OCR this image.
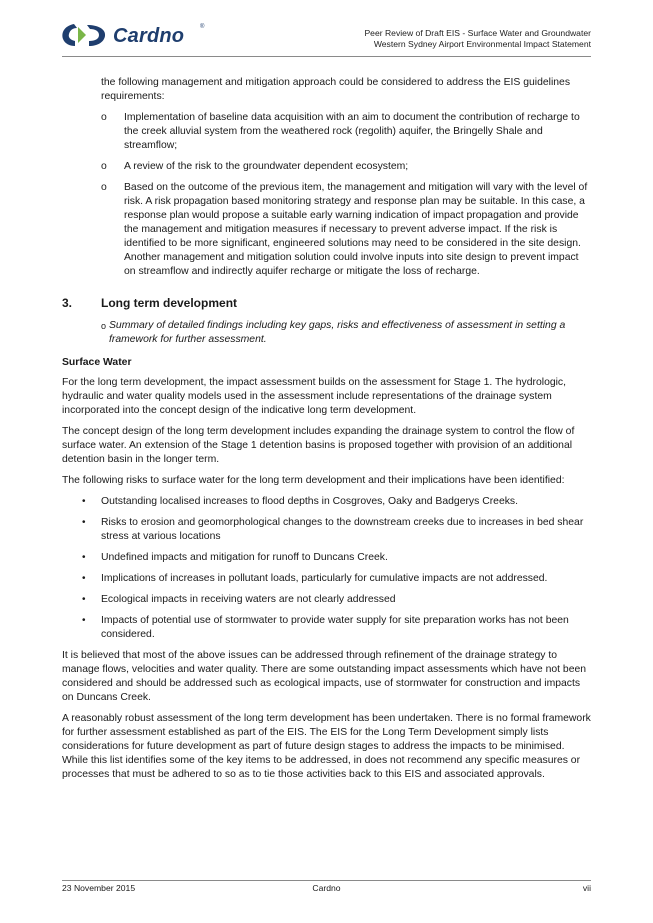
Cardno	®
Peer Review of Draft EIS - Surface Water and Groundwater
Western Sydney Airport Environmental Impact Statement

the following management and mitigation approach could be considered to address the EIS guidelines requirements:

o Implementation of baseline data acquisition with an aim to document the contribution of recharge to the creek alluvial system from the weathered rock (regolith) aquifer, the Bringelly Shale and streamflow;
o A review of the risk to the groundwater dependent ecosystem;
o Based on the outcome of the previous item, the management and mitigation will vary with the level of risk. A risk propagation based monitoring strategy and response plan may be suitable. In this case, a response plan would propose a suitable early warning indication of impact propagation and provide the management and mitigation measures if necessary to prevent adverse impact. If the risk is identified to be more significant, engineered solutions may need to be considered in the site design. Another management and mitigation solution could involve inputs into site design to prevent impact on streamflow and indirectly aquifer recharge or mitigate the loss of recharge.
3. Long term development
o Summary of detailed findings including key gaps, risks and effectiveness of assessment in setting a framework for further assessment.
Surface Water

For the long term development, the impact assessment builds on the assessment for Stage 1. The hydrologic, hydraulic and water quality models used in the assessment include representations of the drainage system incorporated into the concept design of the indicative long term development.

The concept design of the long term development includes expanding the drainage system to control the flow of surface water. An extension of the Stage 1 detention basins is proposed together with provision of an additional detention basin in the longer term.

The following risks to surface water for the long term development and their implications have been identified:

• Outstanding localised increases to flood depths in Cosgroves, Oaky and Badgerys Creeks.
• Risks to erosion and geomorphological changes to the downstream creeks due to increases in bed shear stress at various locations
• Undefined impacts and mitigation for runoff to Duncans Creek.
• Implications of increases in pollutant loads, particularly for cumulative impacts are not addressed.
• Ecological impacts in receiving waters are not clearly addressed
• Impacts of potential use of stormwater to provide water supply for site preparation works has not been considered.

It is believed that most of the above issues can be addressed through refinement of the drainage strategy to manage flows, velocities and water quality. There are some outstanding impact assessments which have not been considered and should be addressed such as ecological impacts, use of stormwater for construction and impacts on Duncans Creek.

A reasonably robust assessment of the long term development has been undertaken. There is no formal framework for further assessment established as part of the EIS. The EIS for the Long Term Development simply lists considerations for future development as part of future design stages to address the impacts to be minimised. While this list identifies some of the key items to be addressed, in does not recommend any specific measures or processes that must be adhered to so as to tie those activities back to this EIS and associated approvals.

23 November 2015	Cardno	vii
